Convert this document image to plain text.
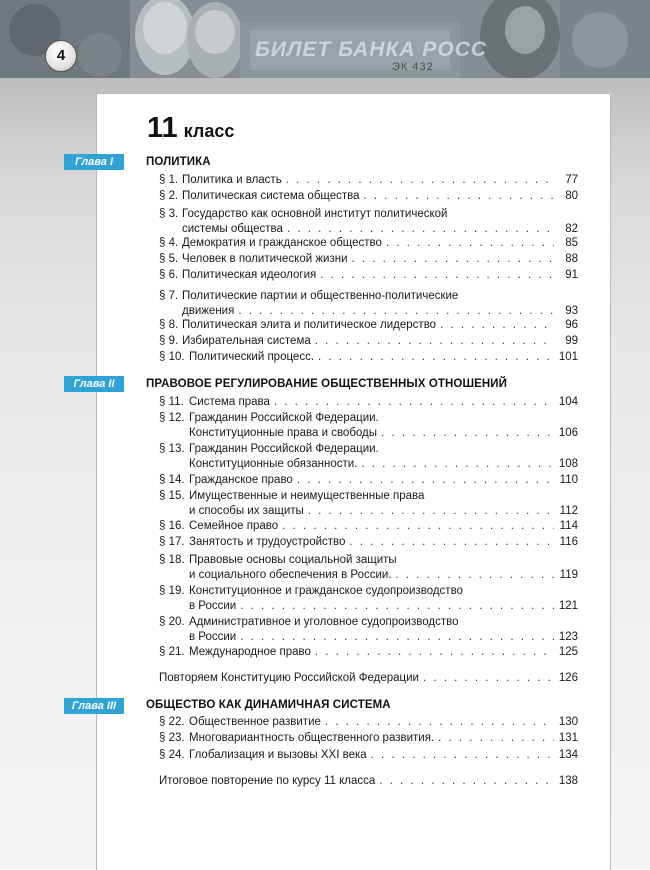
БИЛЕТ БАНКА РОСС
ЭК 432
4
11 класс
Глава I	ПОЛИТИКА
§ 1. Политика и власть . . .	77
§ 2. Политическая система общества . . .	80
§ 3. Государство как основной институт политической
системы общества . . .	82
§ 4. Демократия и гражданское общество . . .	85
§ 5. Человек в политической жизни . . .	88
§ 6. Политическая идеология . . .	91
§ 7. Политические партии и общественно-политические
движения . . .	93
§ 8. Политическая элита и политическое лидерство . . .	96
§ 9. Избирательная система . . .	99
§ 10. Политический процесс. . . .	101
Глава II	ПРАВОВОЕ РЕГУЛИРОВАНИЕ ОБЩЕСТВЕННЫХ ОТНОШЕНИЙ
§ 11. Система права . . .	104
§ 12. Гражданин Российской Федерации.
Конституционные права и свободы . . .	106
§ 13. Гражданин Российской Федерации.
Конституционные обязанности. . . .	108
§ 14. Гражданское право . . .	110
§ 15. Имущественные и неимущественные права
и способы их защиты . . .	112
§ 16. Семейное право . . .	114
§ 17. Занятость и трудоустройство . . .	116
§ 18. Правовые основы социальной защиты
и социального обеспечения в России. . . .	119
§ 19. Конституционное и гражданское судопроизводство
в России . . .	121
§ 20. Административное и уголовное судопроизводство
в России . . .	123
§ 21. Международное право . . .	125
Повторяем Конституцию Российской Федерации . . .	126
Глава III	ОБЩЕСТВО КАК ДИНАМИЧНАЯ СИСТЕМА
§ 22. Общественное развитие . . .	130
§ 23. Многовариантность общественного развития. . . .	131
§ 24. Глобализация и вызовы XXI века . . .	134
Итоговое повторение по курсу 11 класса . . .	138
